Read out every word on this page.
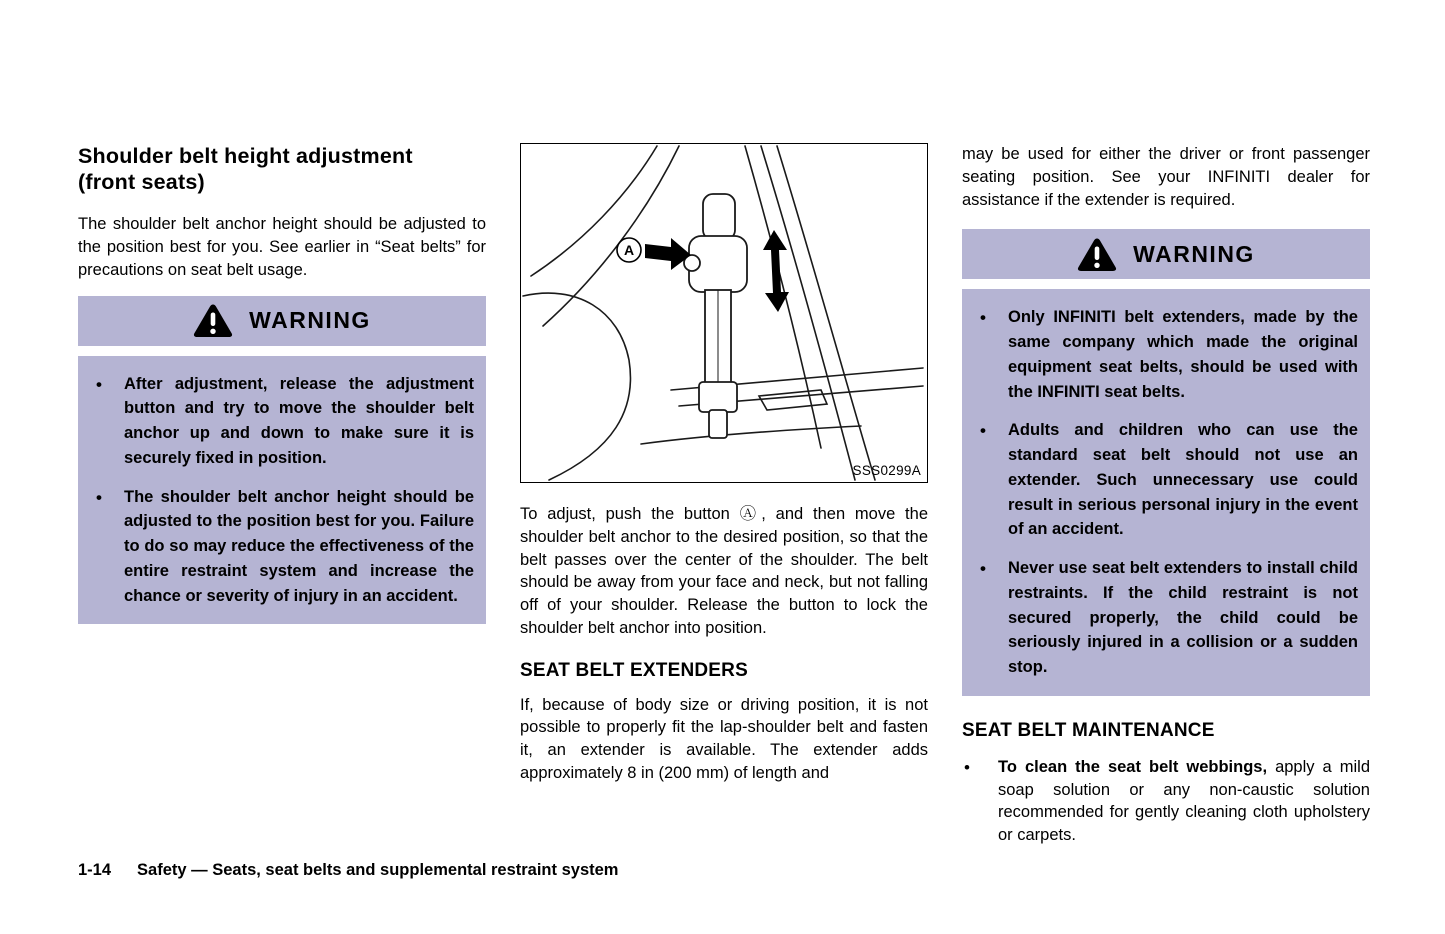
Shoulder belt height adjustment
(front seats)

The shoulder belt anchor height should be adjusted to the position best for you. See earlier in “Seat belts” for precautions on seat belt usage.

WARNING
• After adjustment, release the adjustment button and try to move the shoulder belt anchor up and down to make sure it is securely fixed in position.
• The shoulder belt anchor height should be adjusted to the position best for you. Failure to do so may reduce the effectiveness of the entire restraint system and increase the chance or severity of injury in an accident.
A
SSS0299A

To adjust, push the button Ⓐ, and then move the shoulder belt anchor to the desired position, so that the belt passes over the center of the shoulder. The belt should be away from your face and neck, but not falling off of your shoulder. Release the button to lock the shoulder belt anchor into position.

SEAT BELT EXTENDERS

If, because of body size or driving position, it is not possible to properly fit the lap-shoulder belt and fasten it, an extender is available. The extender adds approximately 8 in (200 mm) of length and

may be used for either the driver or front passenger seating position. See your INFINITI dealer for assistance if the extender is required.

WARNING
• Only INFINITI belt extenders, made by the same company which made the original equipment seat belts, should be used with the INFINITI seat belts.
• Adults and children who can use the standard seat belt should not use an extender. Such unnecessary use could result in serious personal injury in the event of an accident.
• Never use seat belt extenders to install child restraints. If the child restraint is not secured properly, the child could be seriously injured in a collision or a sudden stop.
SEAT BELT MAINTENANCE
• To clean the seat belt webbings, apply a mild soap solution or any non-caustic solution recommended for gently cleaning cloth upholstery or carpets.
1-14 Safety — Seats, seat belts and supplemental restraint system
